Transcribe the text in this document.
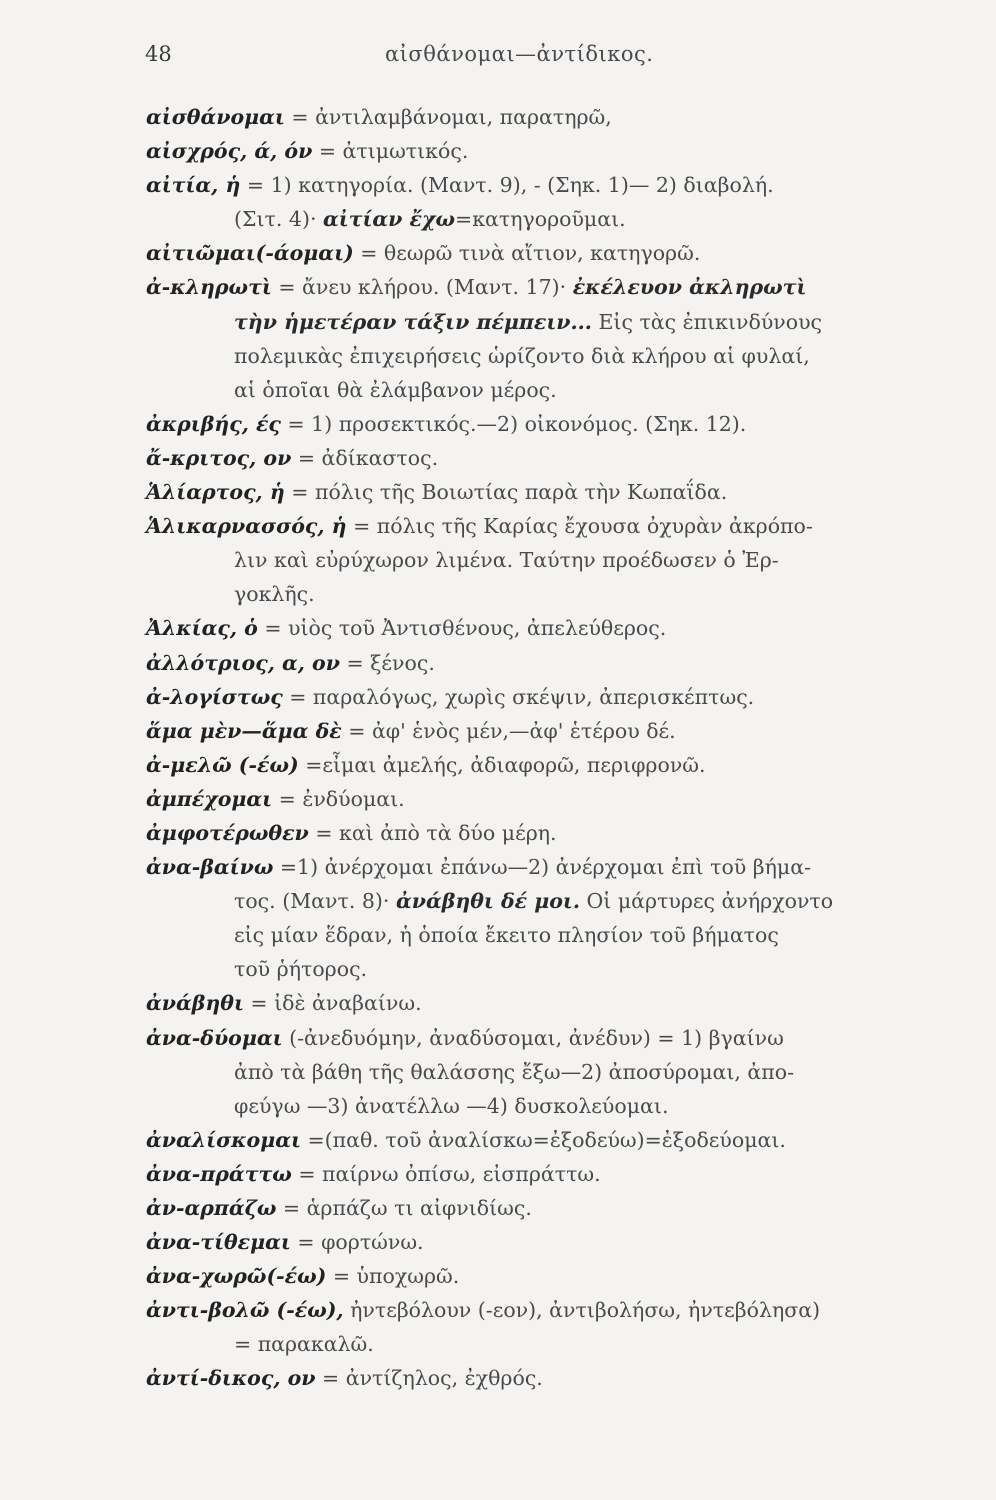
48	αἰσθάνομαι—ἀντίδικος.
αἰσθάνομαι = ἀντιλαμβάνομαι, παρατηρῶ,
αἰσχρός, ά, όν = ἀτιμωτικός.
αἰτία, ἡ = 1) κατηγορία. (Μαντ. 9), - (Σηκ. 1)— 2) διαβολή.
(Σιτ. 4)· αἰτίαν ἔχω=κατηγοροῦμαι.
αἰτιῶμαι(-άομαι) = θεωρῶ τινὰ αἴτιον, κατηγορῶ.
ἀ-κληρωτὶ = ἄνευ κλήρου. (Μαντ. 17)· ἐκέλευον ἀκληρωτὶ
τὴν ἡμετέραν τάξιν πέμπειν... Εἰς τὰς ἐπικινδύνους
πολεμικὰς ἐπιχειρήσεις ὡρίζοντο διὰ κλήρου αἱ φυλαί,
αἱ ὁποῖαι θὰ ἐλάμβανον μέρος.
ἀκριβής, ές = 1) προσεκτικός.—2) οἰκονόμος. (Σηκ. 12).
ἄ-κριτος, ον = ἀδίκαστος.
Ἁλίαρτος, ἡ = πόλις τῆς Βοιωτίας παρὰ τὴν Κωπαΐδα.
Ἁλικαρνασσός, ἡ = πόλις τῆς Καρίας ἔχουσα ὀχυρὰν ἀκρόπο-
λιν καὶ εὐρύχωρον λιμένα. Ταύτην προέδωσεν ὁ Ἐρ-
γοκλῆς.
Ἀλκίας, ὁ = υἱὸς τοῦ Ἀντισθένους, ἀπελεύθερος.
ἀλλότριος, α, ον = ξένος.
ἀ-λογίστως = παραλόγως, χωρὶς σκέψιν, ἀπερισκέπτως.
ἅμα μὲν—ἅμα δὲ = ἀφ' ἑνὸς μέν,—ἀφ' ἑτέρου δέ.
ἀ-μελῶ (-έω) =εἶμαι ἀμελής, ἀδιαφορῶ, περιφρονῶ.
ἀμπέχομαι = ἐνδύομαι.
ἀμφοτέρωθεν = καὶ ἀπὸ τὰ δύο μέρη.
ἀνα-βαίνω =1) ἀνέρχομαι ἐπάνω—2) ἀνέρχομαι ἐπὶ τοῦ βήμα-
τος. (Μαντ. 8)· ἀνάβηθι δέ μοι. Οἱ μάρτυρες ἀνήρχοντο
εἰς μίαν ἕδραν, ἡ ὁποία ἔκειτο πλησίον τοῦ βήματος
τοῦ ῥήτορος.
ἀνάβηθι = ἰδὲ ἀναβαίνω.
ἀνα-δύομαι (-ἀνεδυόμην, ἀναδύσομαι, ἀνέδυν) = 1) βγαίνω
ἀπὸ τὰ βάθη τῆς θαλάσσης ἔξω—2) ἀποσύρομαι, ἀπο-
φεύγω —3) ἀνατέλλω —4) δυσκολεύομαι.
ἀναλίσκομαι =(παθ. τοῦ ἀναλίσκω=ἐξοδεύω)=ἐξοδεύομαι.
ἀνα-πράττω = παίρνω ὀπίσω, εἰσπράττω.
ἀν-αρπάζω = ἁρπάζω τι αἰφνιδίως.
ἀνα-τίθεμαι = φορτώνω.
ἀνα-χωρῶ(-έω) = ὑποχωρῶ.
ἀντι-βολῶ (-έω), ἠντεβόλουν (-εον), ἀντιβολήσω, ἠντεβόλησα)
= παρακαλῶ.
ἀντί-δικος, ον = ἀντίζηλος, ἐχθρός.
